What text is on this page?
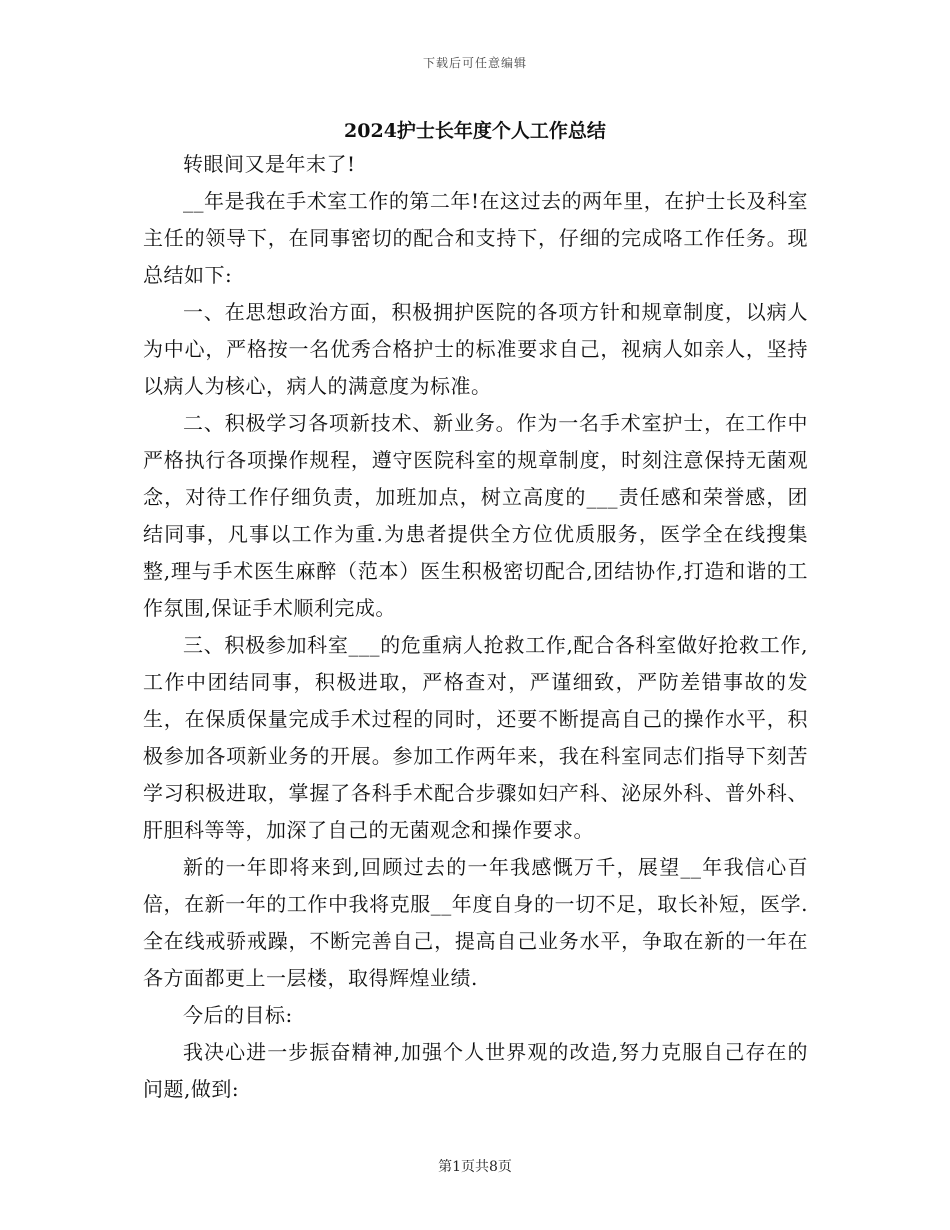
下载后可任意编辑
2024护士长年度个人工作总结

转眼间又是年末了!

__年是我在手术室工作的第二年!在这过去的两年里，在护士长及科室主任的领导下，在同事密切的配合和支持下，仔细的完成咯工作任务。现总结如下:

一、在思想政治方面，积极拥护医院的各项方针和规章制度，以病人为中心，严格按一名优秀合格护士的标准要求自己，视病人如亲人，坚持以病人为核心，病人的满意度为标准。

二、积极学习各项新技术、新业务。作为一名手术室护士，在工作中严格执行各项操作规程，遵守医院科室的规章制度，时刻注意保持无菌观念，对待工作仔细负责，加班加点，树立高度的___责任感和荣誉感，团结同事，凡事以工作为重.为患者提供全方位优质服务，医学全在线搜集整,理与手术医生麻醉（范本）医生积极密切配合,团结协作,打造和谐的工作氛围,保证手术顺利完成。

三、积极参加科室___的危重病人抢救工作,配合各科室做好抢救工作,工作中团结同事，积极进取，严格查对，严谨细致，严防差错事故的发生，在保质保量完成手术过程的同时，还要不断提高自己的操作水平，积极参加各项新业务的开展。参加工作两年来，我在科室同志们指导下刻苦学习积极进取，掌握了各科手术配合步骤如妇产科、泌尿外科、普外科、肝胆科等等，加深了自己的无菌观念和操作要求。

新的一年即将来到,回顾过去的一年我感慨万千，展望__年我信心百倍，在新一年的工作中我将克服__年度自身的一切不足，取长补短，医学.全在线戒骄戒躁，不断完善自己，提高自己业务水平，争取在新的一年在各方面都更上一层楼，取得辉煌业绩.

今后的目标:

我决心进一步振奋精神,加强个人世界观的改造,努力克服自己存在的问题,做到:

第1页共8页
